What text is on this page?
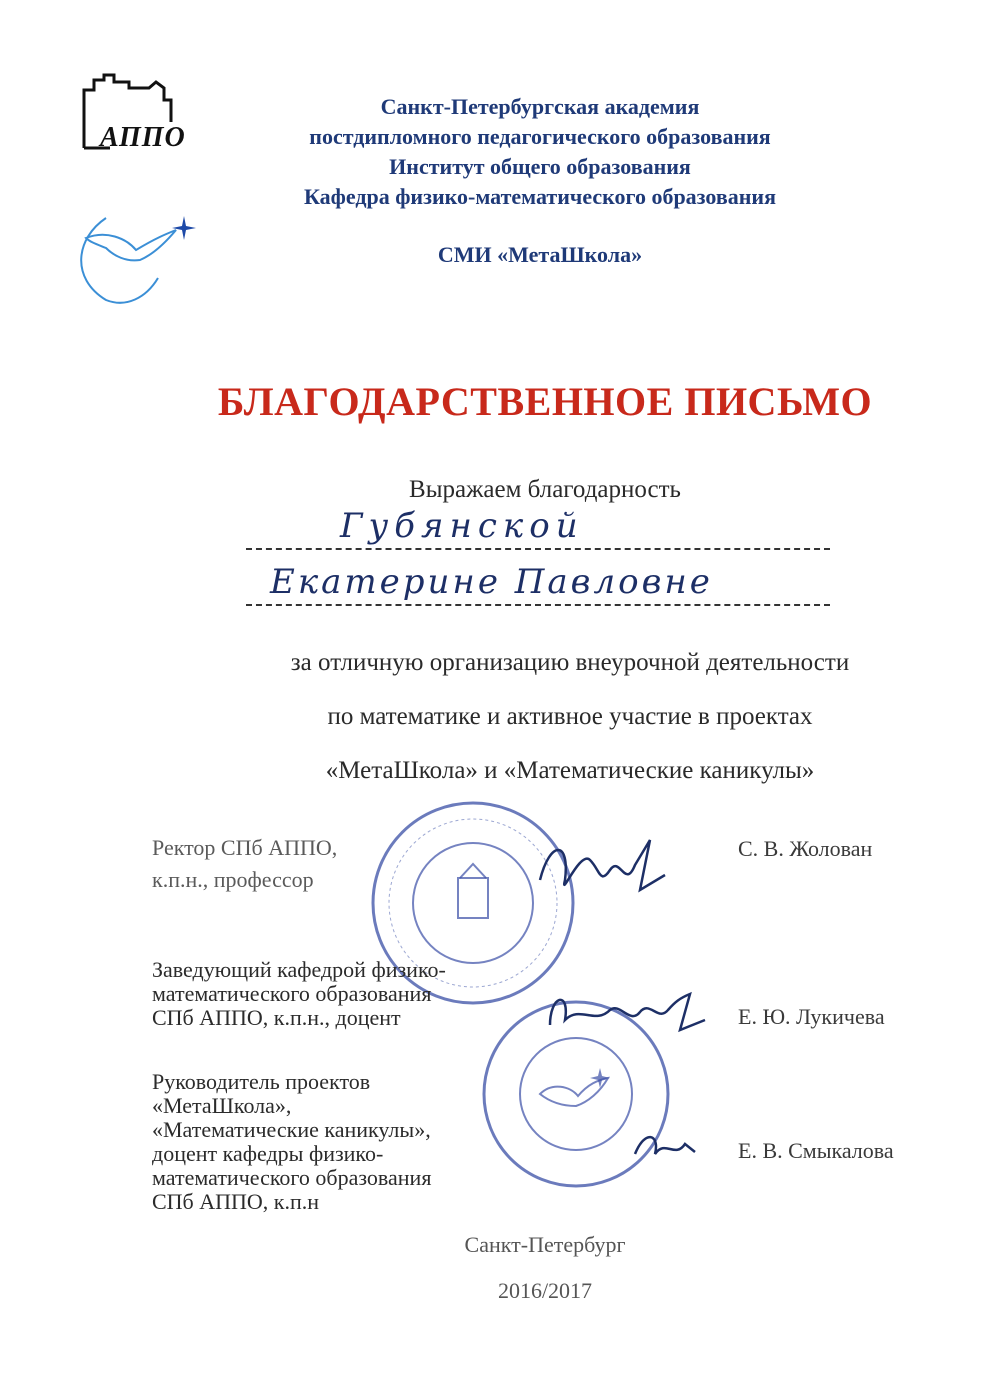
АППО
Санкт-Петербургская академия
постдипломного педагогического образования
Институт общего образования
Кафедра физико-математического образования
СМИ «МетаШкола»
БЛАГОДАРСТВЕННОЕ ПИСЬМО
Выражаем благодарность
Губянской
Екатерине Павловне
за отличную организацию внеурочной деятельности
по математике и активное участие в проектах
«МетаШкола» и «Математические каникулы»
Ректор СПб АППО,
к.п.н., профессор
С. В. Жолован
Заведующий кафедрой физико-
математического образования
СПб АППО, к.п.н., доцент	Е. Ю. Лукичева
Руководитель проектов
«МетаШкола»,
«Математические каникулы»,
доцент кафедры физико-
математического образования
СПб АППО, к.п.н
Е. В. Смыкалова
Санкт-Петербург
2016/2017
